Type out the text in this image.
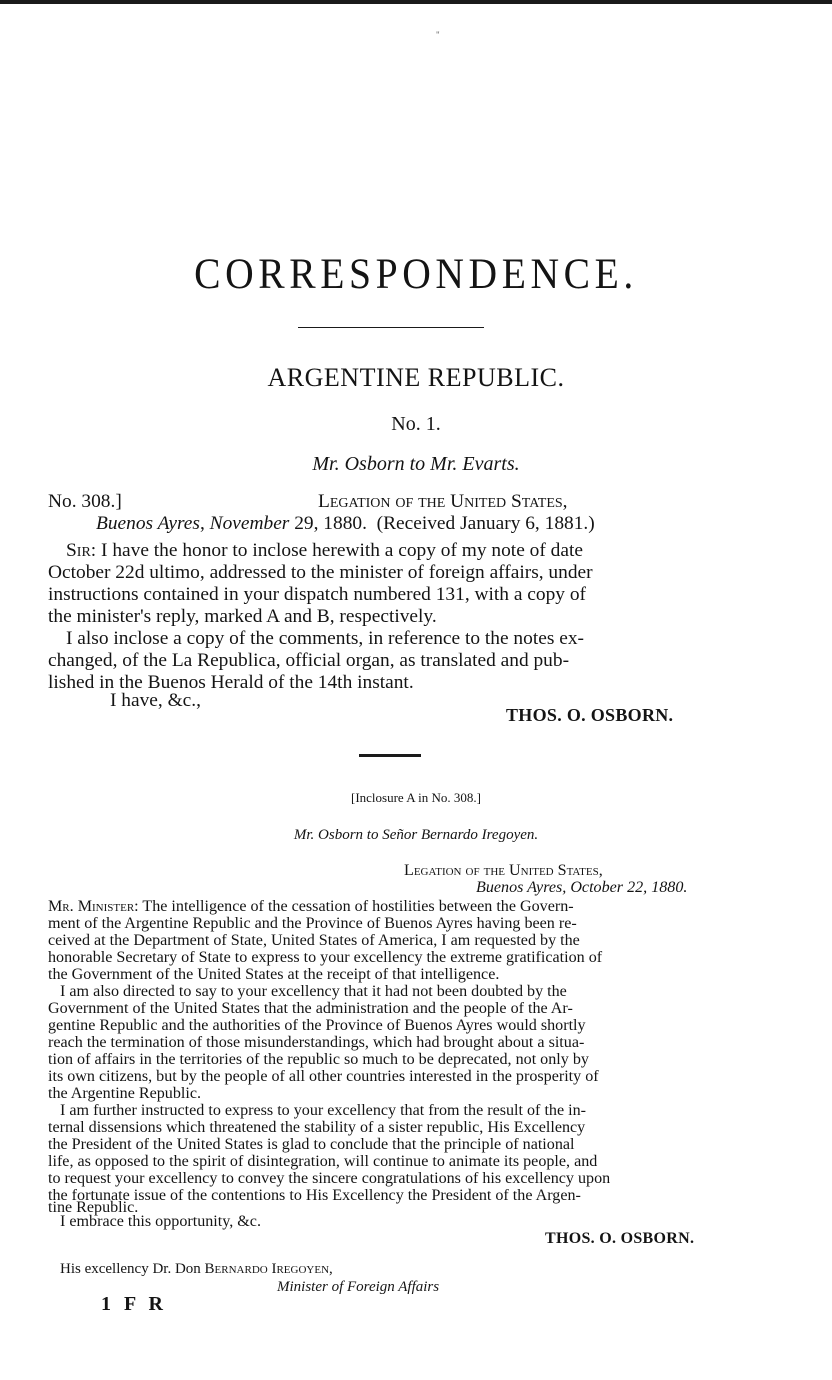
"
CORRESPONDENCE.
ARGENTINE REPUBLIC.
No. 1.
Mr. Osborn to Mr. Evarts.
No. 308.]	Legation of the United States,
Buenos Ayres, November 29, 1880. (Received January 6, 1881.)
Sir: I have the honor to inclose herewith a copy of my note of date
October 22d ultimo, addressed to the minister of foreign affairs, under
instructions contained in your dispatch numbered 131, with a copy of
the minister's reply, marked A and B, respectively.
I also inclose a copy of the comments, in reference to the notes ex-
changed, of the La Republica, official organ, as translated and pub-
lished in the Buenos Herald of the 14th instant.
I have, &c.,
THOS. O. OSBORN.
[Inclosure A in No. 308.]
Mr. Osborn to Señor Bernardo Iregoyen.
Legation of the United States,
Buenos Ayres, October 22, 1880.
Mr. Minister: The intelligence of the cessation of hostilities between the Govern-
ment of the Argentine Republic and the Province of Buenos Ayres having been re-
ceived at the Department of State, United States of America, I am requested by the
honorable Secretary of State to express to your excellency the extreme gratification of
the Government of the United States at the receipt of that intelligence.
I am also directed to say to your excellency that it had not been doubted by the
Government of the United States that the administration and the people of the Ar-
gentine Republic and the authorities of the Province of Buenos Ayres would shortly
reach the termination of those misunderstandings, which had brought about a situa-
tion of affairs in the territories of the republic so much to be deprecated, not only by
its own citizens, but by the people of all other countries interested in the prosperity of
the Argentine Republic.
I am further instructed to express to your excellency that from the result of the in-
ternal dissensions which threatened the stability of a sister republic, His Excellency
the President of the United States is glad to conclude that the principle of national
life, as opposed to the spirit of disintegration, will continue to animate its people, and
to request your excellency to convey the sincere congratulations of his excellency upon
the fortunate issue of the contentions to His Excellency the President of the Argen-
tine Republic.
I embrace this opportunity, &c.
THOS. O. OSBORN.
His excellency Dr. Don Bernardo Iregoyen,
Minister of Foreign Affairs
1 F R
